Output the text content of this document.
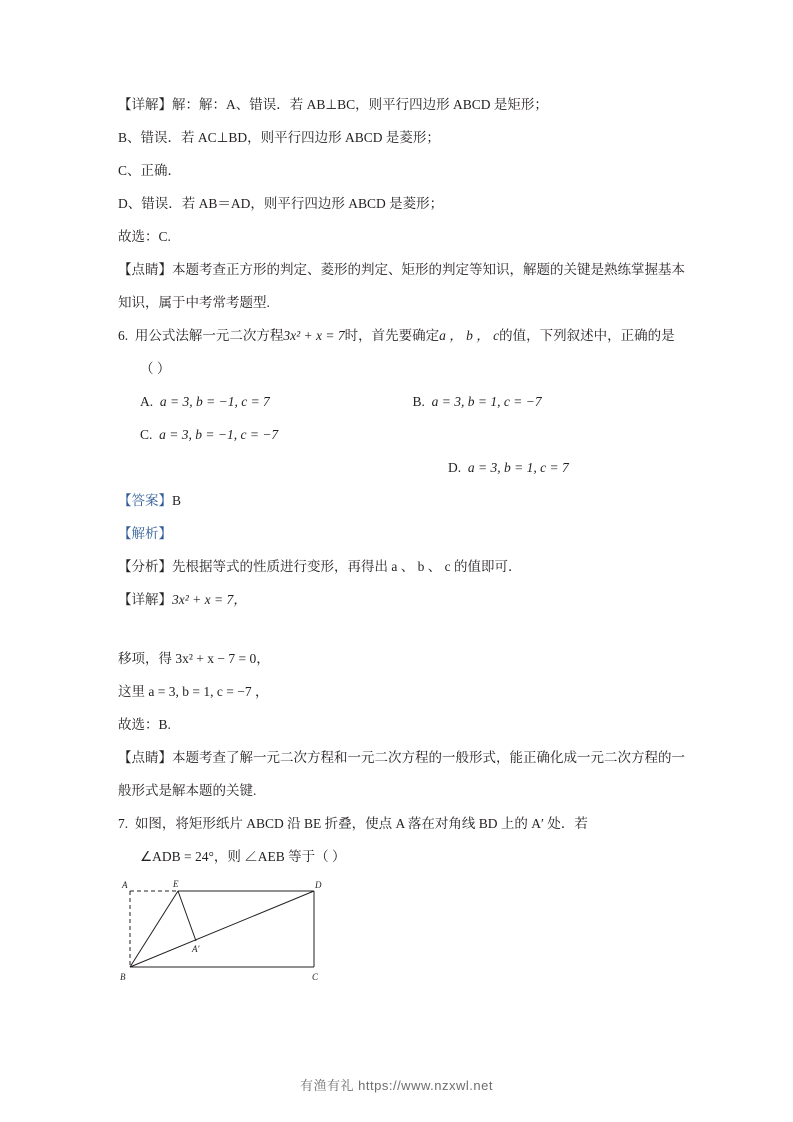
【详解】解：解：A、错误．若 AB⊥BC，则平行四边形 ABCD 是矩形；
B、错误．若 AC⊥BD，则平行四边形 ABCD 是菱形；
C、正确．
D、错误．若 AB＝AD，则平行四边形 ABCD 是菱形；
故选：C.
【点睛】本题考查正方形的判定、菱形的判定、矩形的判定等知识，解题的关键是熟练掌握基本知识，属于中考常考题型.
6. 用公式法解一元二次方程3x² + x = 7时，首先要确定a ， b ， c的值，下列叙述中，正确的是（ ）
A. a = 3, b = −1, c = 7	B. a = 3, b = 1, c = −7
C. a = 3, b = −1, c = −7
D. a = 3, b = 1, c = 7
【答案】B
【解析】
【分析】先根据等式的性质进行变形，再得出 a 、 b 、 c 的值即可．
【详解】3x² + x = 7，
移项，得 3x² + x − 7 = 0，
这里 a = 3, b = 1, c = −7 ，
故选：B.
【点睛】本题考查了解一元二次方程和一元二次方程的一般形式，能正确化成一元二次方程的一般形式是解本题的关键.
7. 如图，将矩形纸片 ABCD 沿 BE 折叠，使点 A 落在对角线 BD 上的 A′ 处．若
∠ADB = 24°，则 ∠AEB 等于（ ）
A	E	D
B	C
A′
有渔有礼 https://www.nzxwl.net
